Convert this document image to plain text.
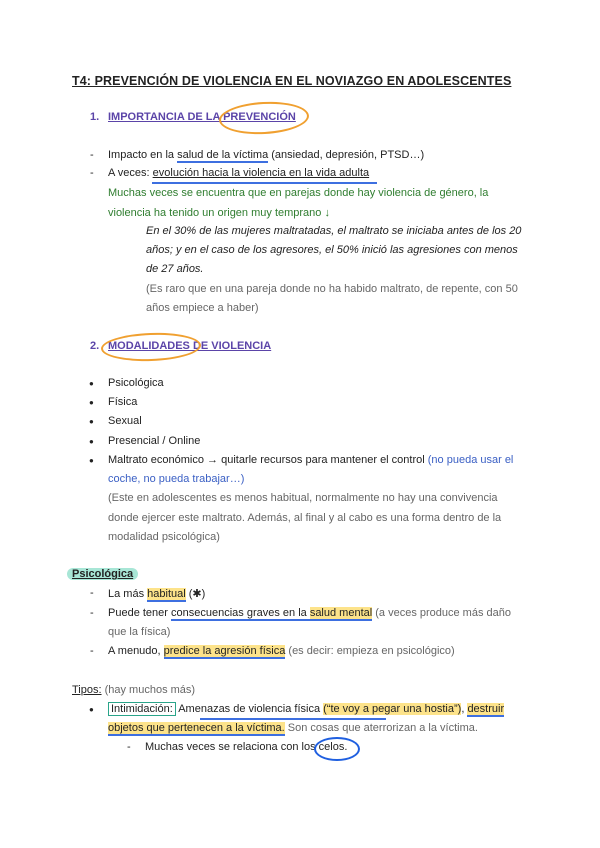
T4: PREVENCIÓN DE VIOLENCIA EN EL NOVIAZGO EN ADOLESCENTES
1. IMPORTANCIA DE LA PREVENCIÓN
- Impacto en la salud de la víctima (ansiedad, depresión, PTSD…)
- A veces: evolución hacia la violencia en la vida adulta
Muchas veces se encuentra que en parejas donde hay violencia de género, la
violencia ha tenido un origen muy temprano ↓
En el 30% de las mujeres maltratadas, el maltrato se iniciaba antes de los 20
años; y en el caso de los agresores, el 50% inició las agresiones con menos
de 27 años.
(Es raro que en una pareja donde no ha habido maltrato, de repente, con 50
años empiece a haber)
2. MODALIDADES DE VIOLENCIA
● Psicológica
● Física
● Sexual
● Presencial / Online
● Maltrato económico → quitarle recursos para mantener el control (no pueda usar el
coche, no pueda trabajar…)
(Este en adolescentes es menos habitual, normalmente no hay una convivencia
donde ejercer este maltrato. Además, al final y al cabo es una forma dentro de la
modalidad psicológica)
Psicológica
- La más habitual (✱)
- Puede tener consecuencias graves en la salud mental (a veces produce más daño
que la física)
- A menudo, predice la agresión física (es decir: empieza en psicológico)
Tipos: (hay muchos más)
● Intimidación: Amenazas de violencia física (“te voy a pegar una hostia”), destruir
objetos que pertenecen a la víctima. Son cosas que aterrorizan a la víctima.
- Muchas veces se relaciona con los celos.
